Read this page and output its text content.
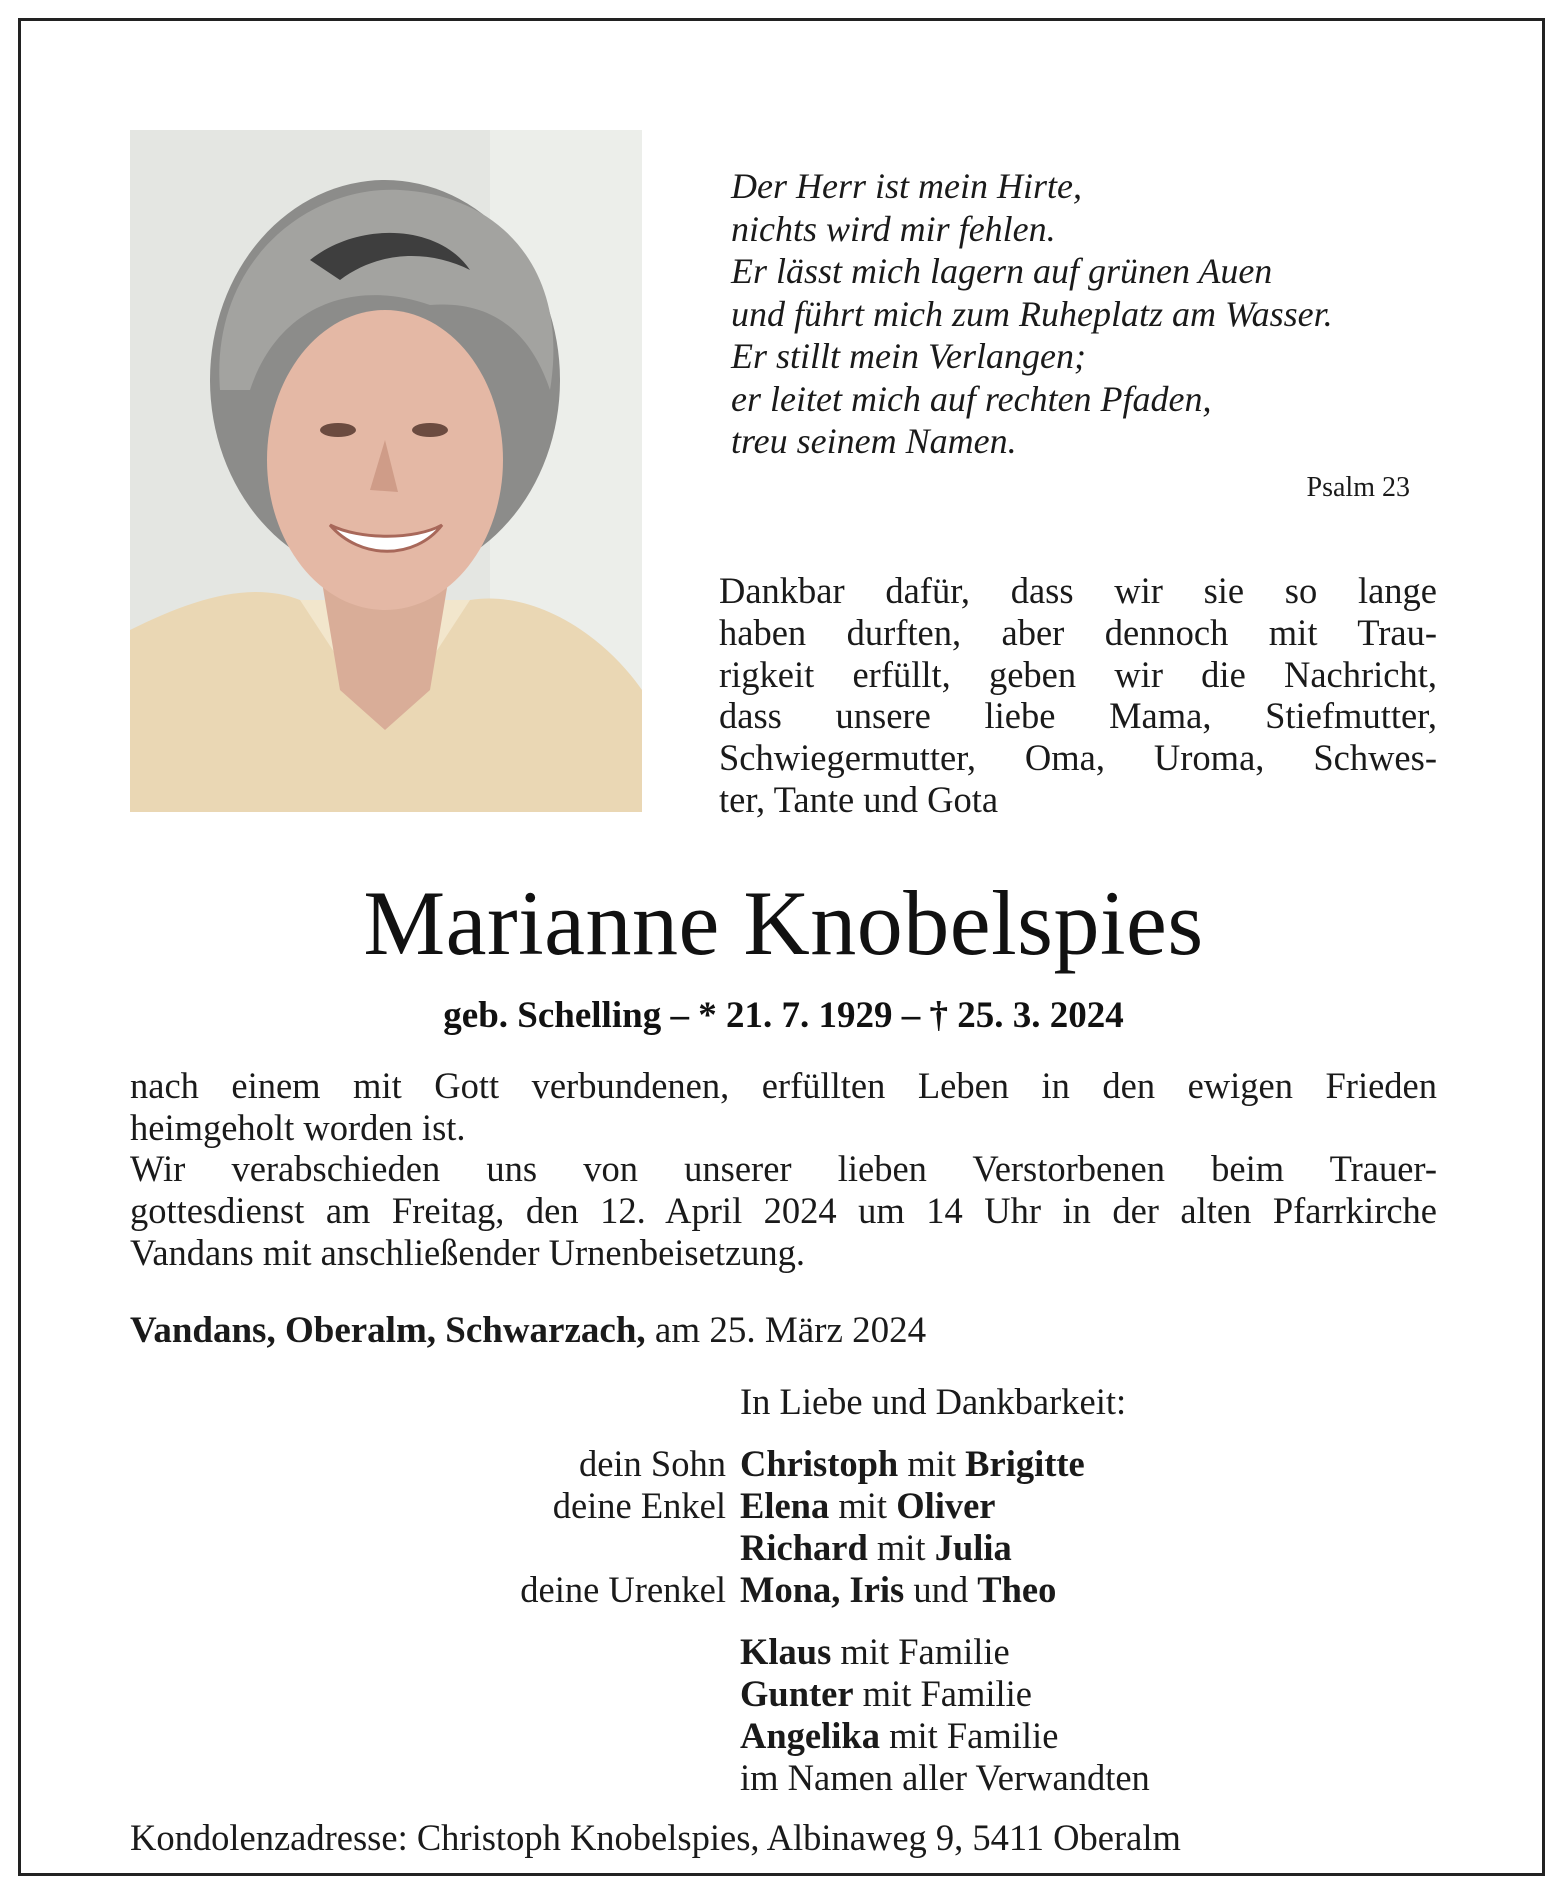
Der Herr ist mein Hirte,
nichts wird mir fehlen.
Er lässt mich lagern auf grünen Auen
und führt mich zum Ruheplatz am Wasser.
Er stillt mein Verlangen;
er leitet mich auf rechten Pfaden,
treu seinem Namen.
Psalm 23
Dankbar dafür, dass wir sie so lange
haben durften, aber dennoch mit Trau-
rigkeit erfüllt, geben wir die Nachricht,
dass unsere liebe Mama, Stiefmutter,
Schwiegermutter, Oma, Uroma, Schwes-
ter, Tante und Gota
Marianne Knobelspies
geb. Schelling – * 21. 7. 1929 – † 25. 3. 2024
nach einem mit Gott verbundenen, erfüllten Leben in den ewigen Frieden
heimgeholt worden ist.
Wir verabschieden uns von unserer lieben Verstorbenen beim Trauer-
gottesdienst am Freitag, den 12. April 2024 um 14 Uhr in der alten Pfarrkirche
Vandans mit anschließender Urnenbeisetzung.
Vandans, Oberalm, Schwarzach, am 25. März 2024
In Liebe und Dankbarkeit:
dein Sohn Christoph mit Brigitte
deine Enkel Elena mit Oliver
Richard mit Julia
deine Urenkel Mona, Iris und Theo
Klaus mit Familie
Gunter mit Familie
Angelika mit Familie
im Namen aller Verwandten
Kondolenzadresse: Christoph Knobelspies, Albinaweg 9, 5411 Oberalm
